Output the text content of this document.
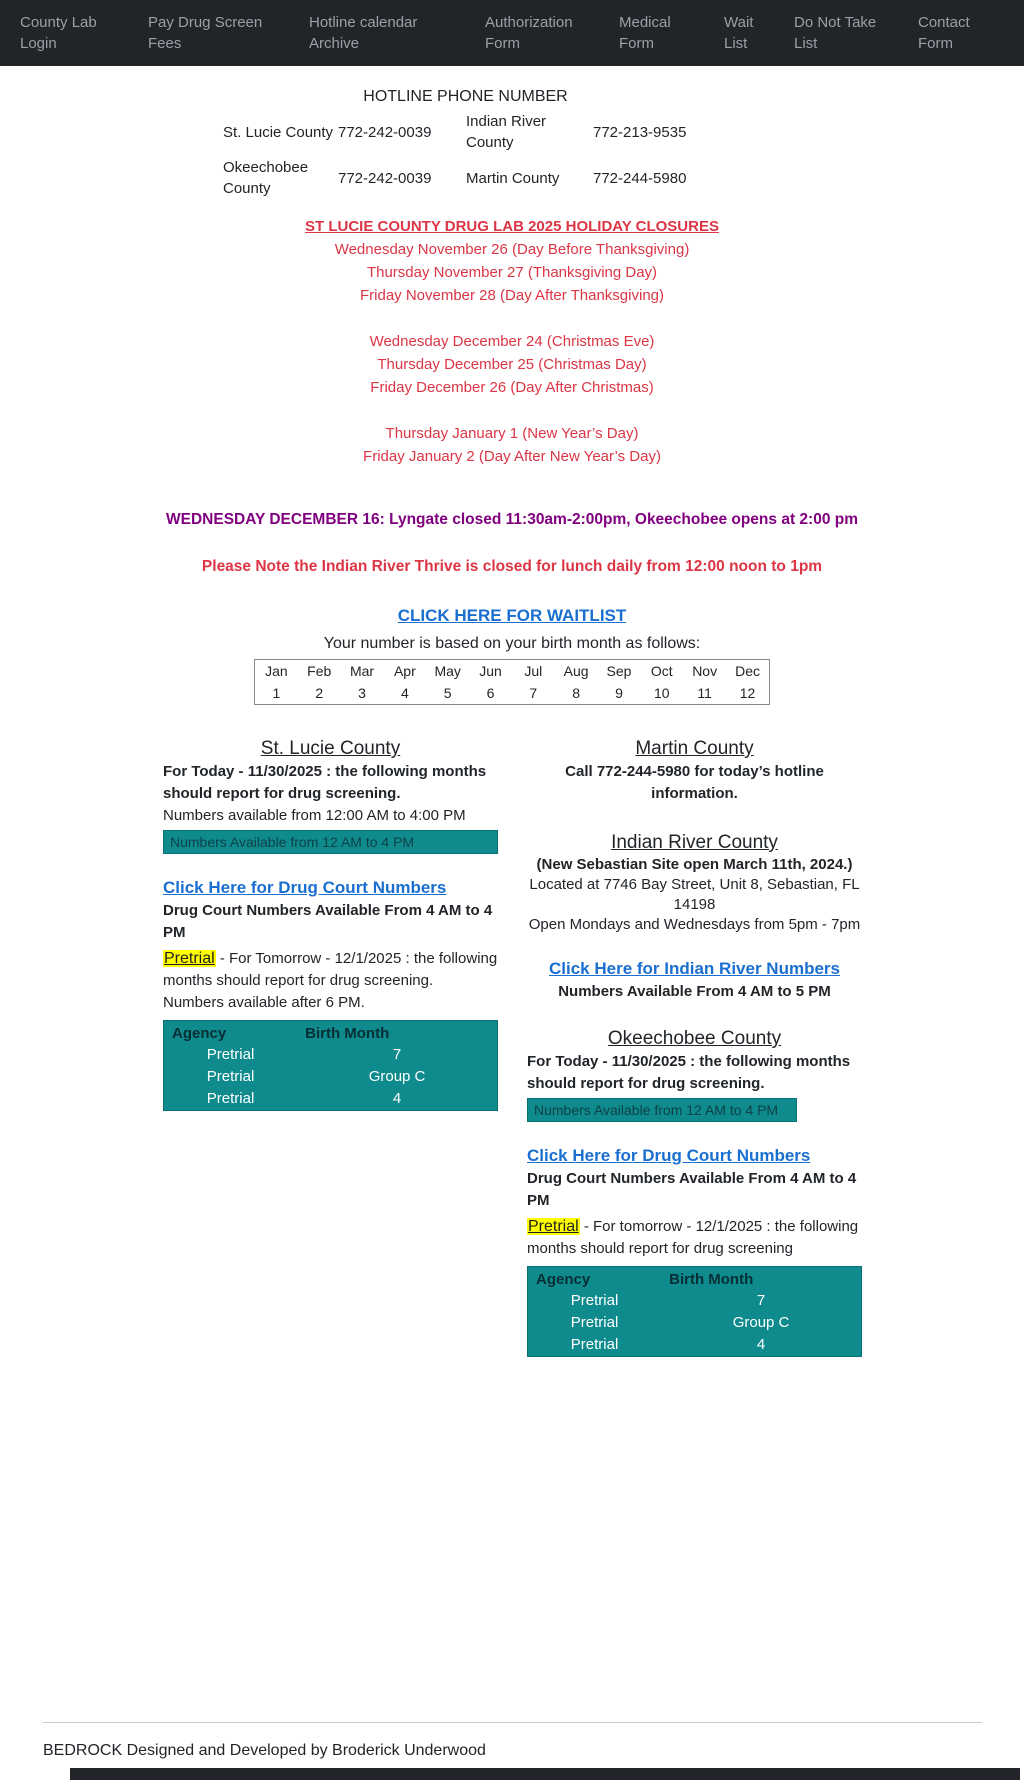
County Lab
Login
Pay Drug Screen
Fees
Hotline calendar
Archive
Authorization
Form
Medical
Form
Wait
List
Do Not Take
List
Contact
Form
HOTLINE PHONE NUMBER
St. Lucie County	772-242-0039	Indian River County	772-213-9535
Okeechobee County	772-242-0039	Martin County	772-244-5980
ST LUCIE COUNTY DRUG LAB 2025 HOLIDAY CLOSURES
Wednesday November 26 (Day Before Thanksgiving)
Thursday November 27 (Thanksgiving Day)
Friday November 28 (Day After Thanksgiving)
Wednesday December 24 (Christmas Eve)
Thursday December 25 (Christmas Day)
Friday December 26 (Day After Christmas)
Thursday January 1 (New Year’s Day)
Friday January 2 (Day After New Year’s Day)
WEDNESDAY DECEMBER 16: Lyngate closed 11:30am-2:00pm, Okeechobee opens at 2:00 pm
Please Note the Indian River Thrive is closed for lunch daily from 12:00 noon to 1pm
CLICK HERE FOR WAITLIST
Your number is based on your birth month as follows:
Jan	Feb	Mar	Apr	May	Jun	Jul	Aug	Sep	Oct	Nov	Dec
1	2	3	4	5	6	7	8	9	10	11	12
St. Lucie County

For Today - 11/30/2025 : the following months should report for drug screening.

Numbers available from 12:00 AM to 4:00 PM

Numbers Available from 12 AM to 4 PM
Click Here for Drug Court Numbers

Drug Court Numbers Available From 4 AM to 4 PM

Pretrial - For Tomorrow - 12/1/2025 : the following months should report for drug screening.

Numbers available after 6 PM.

Agency	Birth Month
Pretrial	7
Pretrial	Group C
Pretrial	4
Martin County

Call 772-244-5980 for today’s hotline information.

Indian River County

(New Sebastian Site open March 11th, 2024.)

Located at 7746 Bay Street, Unit 8, Sebastian, FL 14198

Open Mondays and Wednesdays from 5pm - 7pm

Click Here for Indian River Numbers

Numbers Available From 4 AM to 5 PM

Okeechobee County

For Today - 11/30/2025 : the following months should report for drug screening.

Numbers Available from 12 AM to 4 PM
Click Here for Drug Court Numbers

Drug Court Numbers Available From 4 AM to 4 PM

Pretrial - For tomorrow - 12/1/2025 : the following months should report for drug screening

Agency	Birth Month
Pretrial	7
Pretrial	Group C
Pretrial	4
BEDROCK Designed and Developed by Broderick Underwood
